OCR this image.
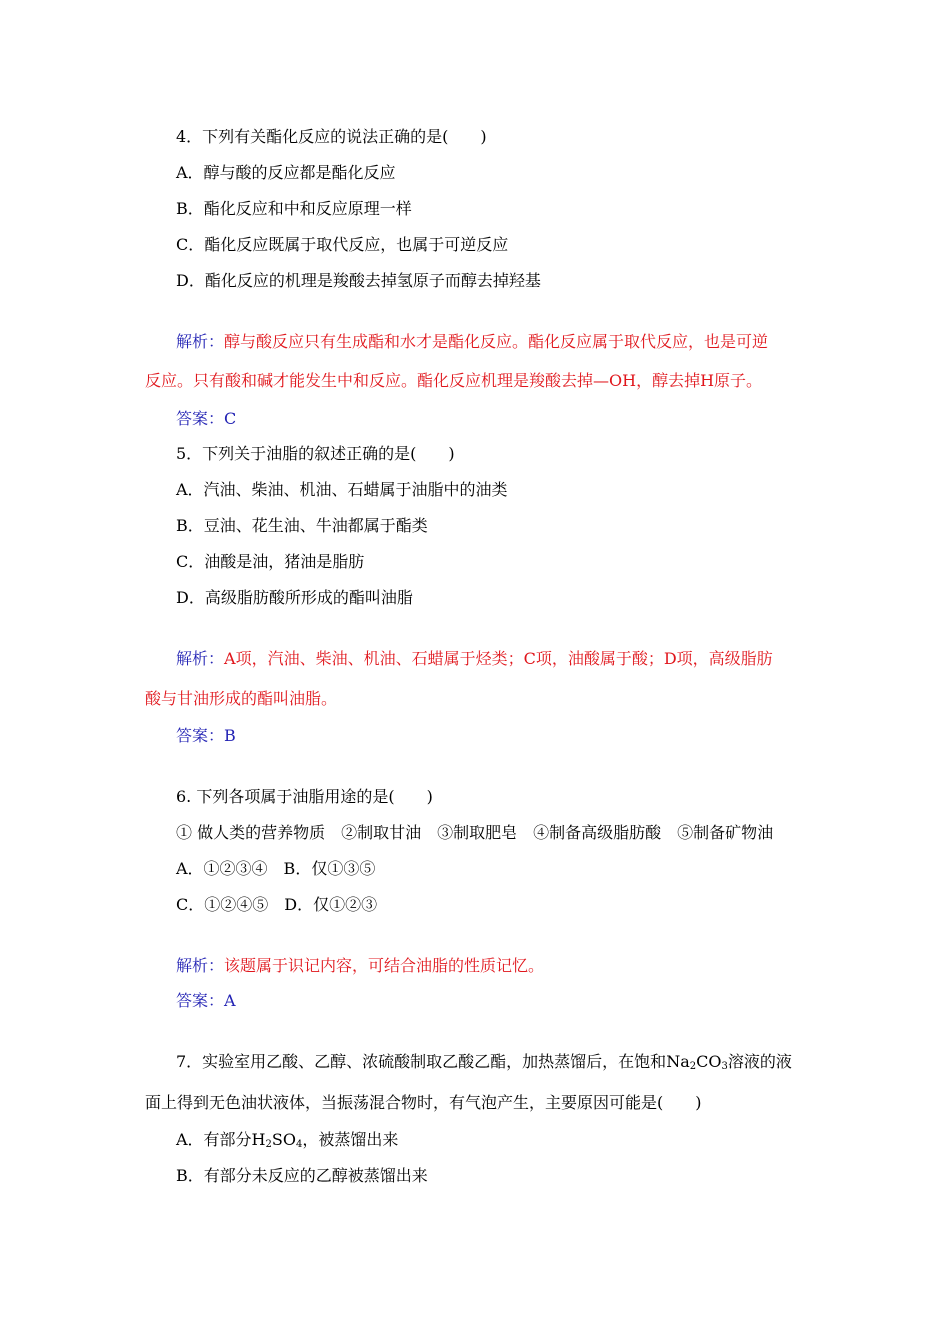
4．下列有关酯化反应的说法正确的是(　　)
A．醇与酸的反应都是酯化反应
B．酯化反应和中和反应原理一样
C．酯化反应既属于取代反应，也属于可逆反应
D．酯化反应的机理是羧酸去掉氢原子而醇去掉羟基
解析：醇与酸反应只有生成酯和水才是酯化反应。酯化反应属于取代反应，也是可逆
反应。只有酸和碱才能发生中和反应。酯化反应机理是羧酸去掉—OH，醇去掉H原子。
答案：C
5．下列关于油脂的叙述正确的是(　　)
A．汽油、柴油、机油、石蜡属于油脂中的油类
B．豆油、花生油、牛油都属于酯类
C．油酸是油，猪油是脂肪
D．高级脂肪酸所形成的酯叫油脂
解析：A项，汽油、柴油、机油、石蜡属于烃类；C项，油酸属于酸；D项，高级脂肪
酸与甘油形成的酯叫油脂。
答案：B
6. 下列各项属于油脂用途的是(　　)
① 做人类的营养物质　②制取甘油　③制取肥皂　④制备高级脂肪酸　⑤制备矿物油
A．①②③④　B．仅①③⑤
C．①②④⑤　D．仅①②③
解析：该题属于识记内容，可结合油脂的性质记忆。
答案：A
7．实验室用乙酸、乙醇、浓硫酸制取乙酸乙酯，加热蒸馏后，在饱和$Na_2CO_3$溶液的液
面上得到无色油状液体，当振荡混合物时，有气泡产生，主要原因可能是(　　)
A．有部分$H_2SO_4$，被蒸馏出来
B．有部分未反应的乙醇被蒸馏出来
